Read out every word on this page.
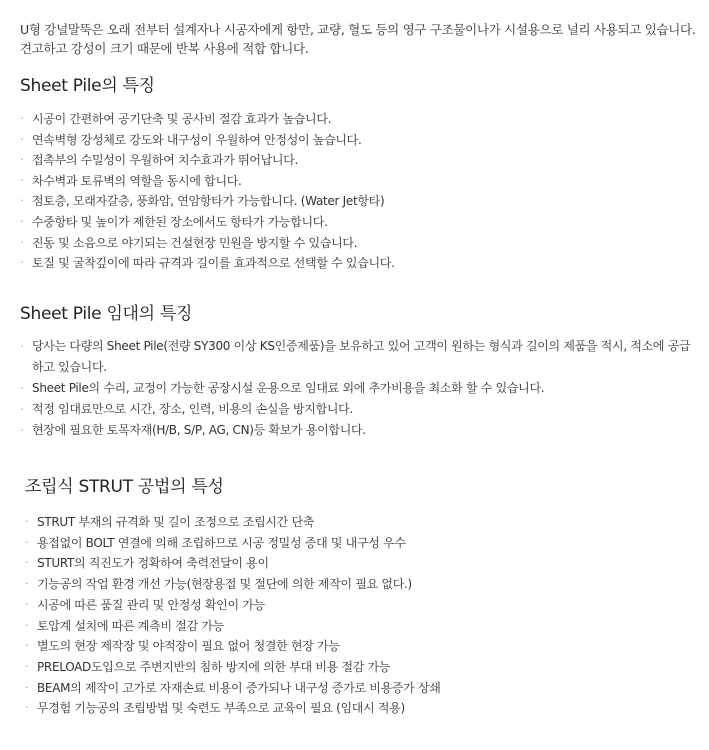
U형 강널말뚝은 오래 전부터 설계자나 시공자에게 항만, 교량, 혈도 등의 영구 구조물이나가 시설용으로 널리 사용되고 있습니다.

견고하고 강성이 크기 때문에 반복 사용에 적합 합니다.

Sheet Pile의 특징
· 시공이 간편하여 공기단축 및 공사비 절감 효과가 높습니다.
· 연속벽형 강성체로 강도와 내구성이 우월하여 안정성이 높습니다.
· 접촉부의 수밀성이 우월하여 치수효과가 뛰어납니다.
· 차수벽과 토류벽의 역할을 동시에 합니다.
· 점토층, 모래자갈층, 풍화암, 연암항타가 가능합니다. (Water Jet항타)
· 수중항타 및 높이가 제한된 장소에서도 항타가 가능합니다.
· 진동 및 소음으로 야기되는 건설현장 민원을 방지할 수 있습니다.
· 토질 및 굴착깊이에 따라 규격과 길이를 효과적으로 선택할 수 있습니다.
Sheet Pile 임대의 특징
· 당사는 다량의 Sheet Pile(전량 SY300 이상 KS인증제품)을 보유하고 있어 고객이 원하는 형식과 길이의 제품을 적시, 적소에 공급하고 있습니다.
· Sheet Pile의 수리, 교정이 가능한 공장시설 운용으로 임대료 외에 추가비용을 최소화 할 수 있습니다.
· 적정 임대료만으로 시간, 장소, 인력, 비용의 손실을 방지합니다.
· 현장에 필요한 토목자재(H/B, S/P, AG, CN)등 확보가 용이합니다.
조립식 STRUT 공법의 특성
· STRUT 부재의 규격화 및 길이 조정으로 조립시간 단축
· 용접없이 BOLT 연결에 의해 조립하므로 시공 정밀성 증대 및 내구성 우수
· STURT의 직진도가 정확하여 축력전달이 용이
· 기능공의 작업 환경 개선 가능(현장용접 및 절단에 의한 제작이 필요 없다.)
· 시공에 따른 품질 관리 및 안정성 확인이 가능
· 토압계 설치에 따른 계측비 절감 가능
· 별도의 현장 제작장 및 야적장이 필요 없어 청결한 현장 가능
· PRELOAD도입으로 주변지반의 침하 방지에 의한 부대 비용 절감 가능
· BEAM의 제작이 고가로 자재손료 비용이 증가되나 내구성 증가로 비용증가 상쇄
· 무경험 기능공의 조립방법 및 숙련도 부족으로 교육이 필요 (임대시 적용)
